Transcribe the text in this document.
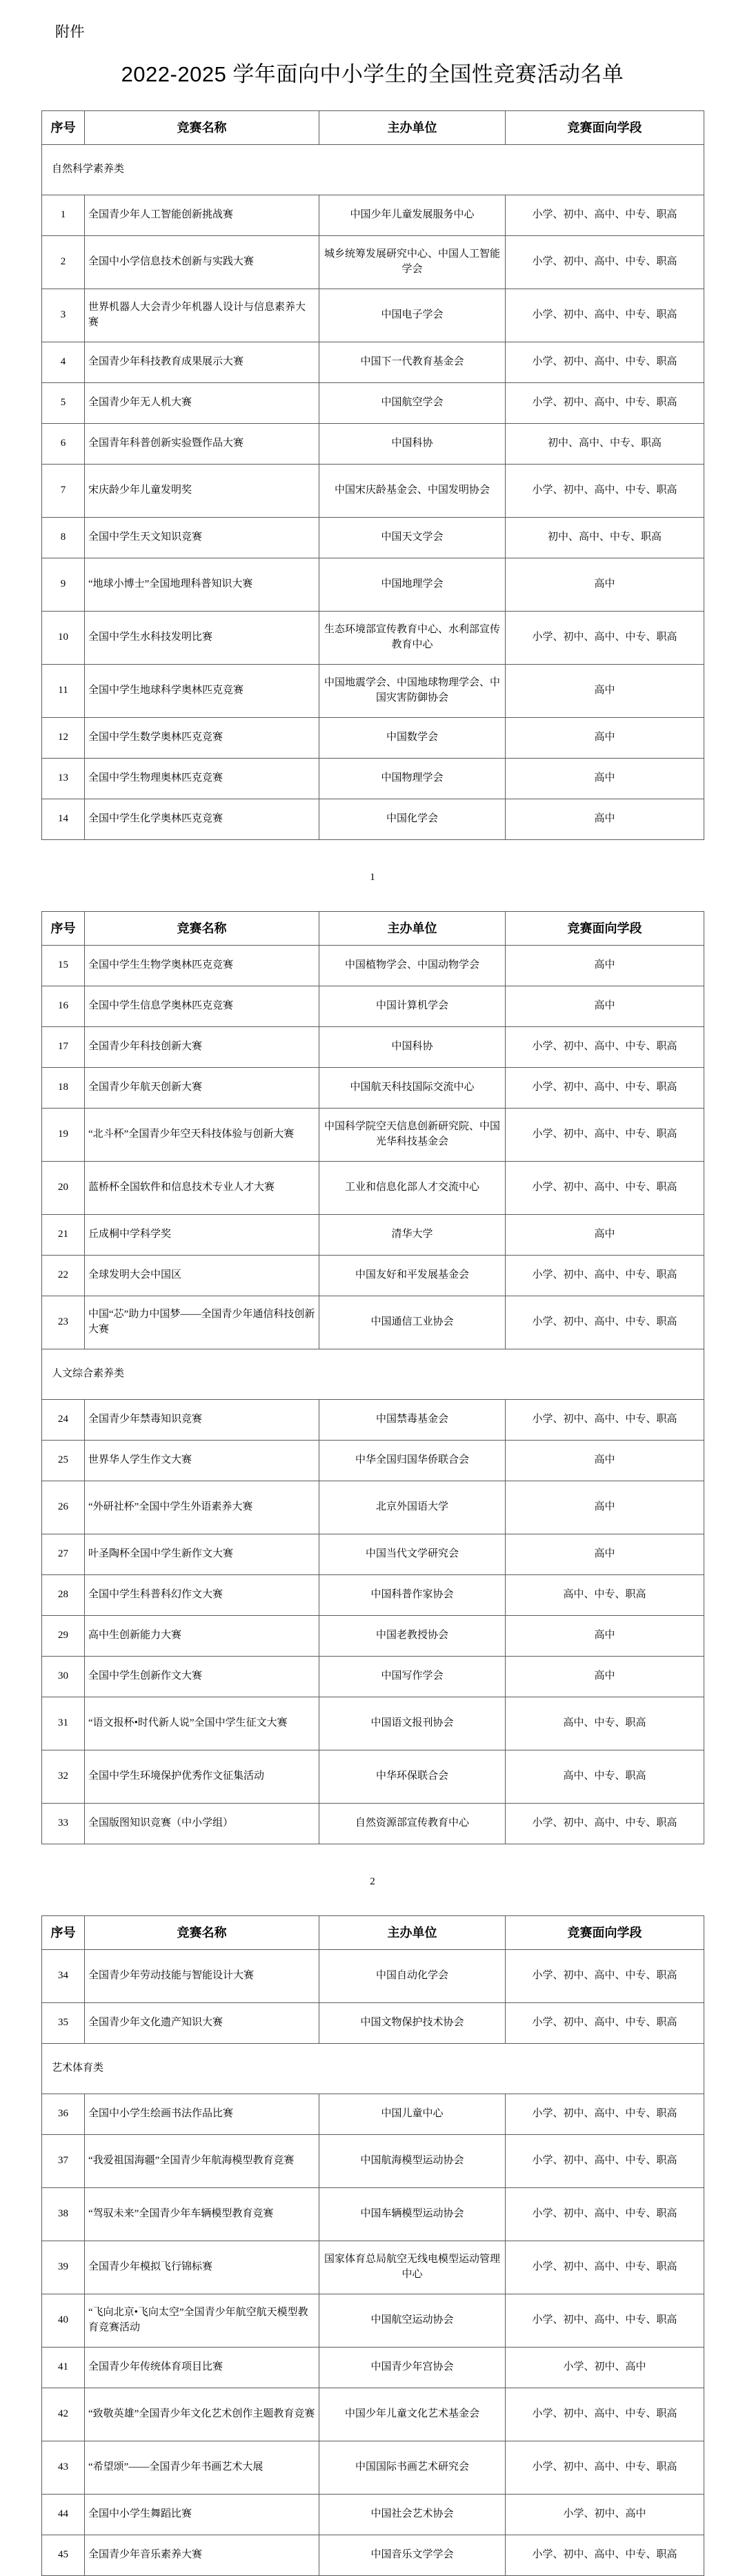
附件
2022-2025 学年面向中小学生的全国性竞赛活动名单
序号	竞赛名称	主办单位	竞赛面向学段
自然科学素养类			
1	全国青少年人工智能创新挑战赛	中国少年儿童发展服务中心	小学、初中、高中、中专、职高
2	全国中小学信息技术创新与实践大赛	城乡统筹发展研究中心、中国人工智能学会	小学、初中、高中、中专、职高
3	世界机器人大会青少年机器人设计与信息素养大赛	中国电子学会	小学、初中、高中、中专、职高
4	全国青少年科技教育成果展示大赛	中国下一代教育基金会	小学、初中、高中、中专、职高
5	全国青少年无人机大赛	中国航空学会	小学、初中、高中、中专、职高
6	全国青年科普创新实验暨作品大赛	中国科协	初中、高中、中专、职高
7	宋庆龄少年儿童发明奖	中国宋庆龄基金会、中国发明协会	小学、初中、高中、中专、职高
8	全国中学生天文知识竞赛	中国天文学会	初中、高中、中专、职高
9	“地球小博士”全国地理科普知识大赛	中国地理学会	高中
10	全国中学生水科技发明比赛	生态环境部宣传教育中心、水利部宣传教育中心	小学、初中、高中、中专、职高
11	全国中学生地球科学奥林匹克竞赛	中国地震学会、中国地球物理学会、中国灾害防御协会	高中
12	全国中学生数学奥林匹克竞赛	中国数学会	高中
13	全国中学生物理奥林匹克竞赛	中国物理学会	高中
14	全国中学生化学奥林匹克竞赛	中国化学会	高中
1
序号	竞赛名称	主办单位	竞赛面向学段
15	全国中学生生物学奥林匹克竞赛	中国植物学会、中国动物学会	高中
16	全国中学生信息学奥林匹克竞赛	中国计算机学会	高中
17	全国青少年科技创新大赛	中国科协	小学、初中、高中、中专、职高
18	全国青少年航天创新大赛	中国航天科技国际交流中心	小学、初中、高中、中专、职高
19	“北斗杯”全国青少年空天科技体验与创新大赛	中国科学院空天信息创新研究院、中国光华科技基金会	小学、初中、高中、中专、职高
20	蓝桥杯全国软件和信息技术专业人才大赛	工业和信息化部人才交流中心	小学、初中、高中、中专、职高
21	丘成桐中学科学奖	清华大学	高中
22	全球发明大会中国区	中国友好和平发展基金会	小学、初中、高中、中专、职高
23	中国“芯”助力中国梦——全国青少年通信科技创新大赛	中国通信工业协会	小学、初中、高中、中专、职高
人文综合素养类			
24	全国青少年禁毒知识竞赛	中国禁毒基金会	小学、初中、高中、中专、职高
25	世界华人学生作文大赛	中华全国归国华侨联合会	高中
26	“外研社杯”全国中学生外语素养大赛	北京外国语大学	高中
27	叶圣陶杯全国中学生新作文大赛	中国当代文学研究会	高中
28	全国中学生科普科幻作文大赛	中国科普作家协会	高中、中专、职高
29	高中生创新能力大赛	中国老教授协会	高中
30	全国中学生创新作文大赛	中国写作学会	高中
31	“语文报杯•时代新人说”全国中学生征文大赛	中国语文报刊协会	高中、中专、职高
32	全国中学生环境保护优秀作文征集活动	中华环保联合会	高中、中专、职高
33	全国版图知识竞赛（中小学组）	自然资源部宣传教育中心	小学、初中、高中、中专、职高
2
序号	竞赛名称	主办单位	竞赛面向学段
34	全国青少年劳动技能与智能设计大赛	中国自动化学会	小学、初中、高中、中专、职高
35	全国青少年文化遗产知识大赛	中国文物保护技术协会	小学、初中、高中、中专、职高
艺术体育类			
36	全国中小学生绘画书法作品比赛	中国儿童中心	小学、初中、高中、中专、职高
37	“我爱祖国海疆”全国青少年航海模型教育竞赛	中国航海模型运动协会	小学、初中、高中、中专、职高
38	“驾驭未来”全国青少年车辆模型教育竞赛	中国车辆模型运动协会	小学、初中、高中、中专、职高
39	全国青少年模拟飞行锦标赛	国家体育总局航空无线电模型运动管理中心	小学、初中、高中、中专、职高
40	“飞向北京•飞向太空”全国青少年航空航天模型教育竞赛活动	中国航空运动协会	小学、初中、高中、中专、职高
41	全国青少年传统体育项目比赛	中国青少年宫协会	小学、初中、高中
42	“致敬英雄”全国青少年文化艺术创作主题教育竞赛	中国少年儿童文化艺术基金会	小学、初中、高中、中专、职高
43	“希望颂”——全国青少年书画艺术大展	中国国际书画艺术研究会	小学、初中、高中、中专、职高
44	全国中小学生舞蹈比赛	中国社会艺术协会	小学、初中、高中
45	全国青少年音乐素养大赛	中国音乐文学学会	小学、初中、高中、中专、职高
